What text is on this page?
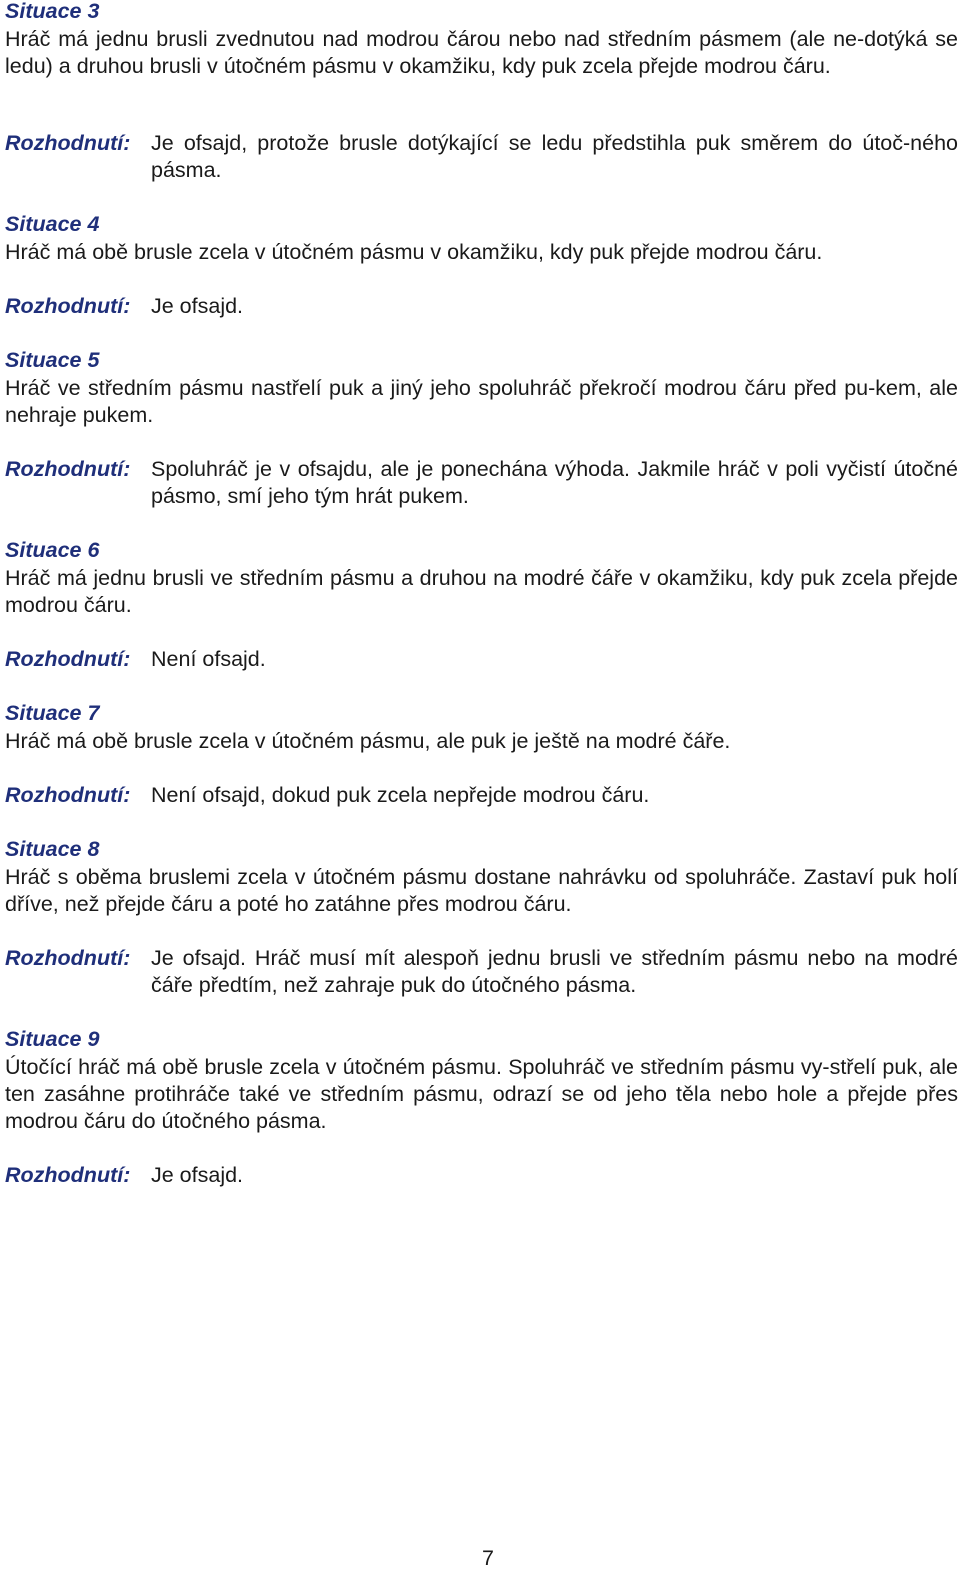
Situace 3
Hráč má jednu brusli zvednutou nad modrou čárou nebo nad středním pásmem (ale ne-dotýká se ledu) a druhou brusli v útočném pásmu v okamžiku, kdy puk zcela přejde modrou čáru.
Rozhodnutí: Je ofsajd, protože brusle dotýkající se ledu předstihla puk směrem do útoč-ného pásma.
Situace 4
Hráč má obě brusle zcela v útočném pásmu v okamžiku, kdy puk přejde modrou čáru.
Rozhodnutí: Je ofsajd.
Situace 5
Hráč ve středním pásmu nastřelí puk a jiný jeho spoluhráč překročí modrou čáru před pu-kem, ale nehraje pukem.
Rozhodnutí: Spoluhráč je v ofsajdu, ale je ponechána výhoda. Jakmile hráč v poli vyčistí útočné pásmo, smí jeho tým hrát pukem.
Situace 6
Hráč má jednu brusli ve středním pásmu a druhou na modré čáře v okamžiku, kdy puk zcela přejde modrou čáru.
Rozhodnutí: Není ofsajd.
Situace 7
Hráč má obě brusle zcela v útočném pásmu, ale puk je ještě na modré čáře.
Rozhodnutí: Není ofsajd, dokud puk zcela nepřejde modrou čáru.
Situace 8
Hráč s oběma bruslemi zcela v útočném pásmu dostane nahrávku od spoluhráče. Zastaví puk holí dříve, než přejde čáru a poté ho zatáhne přes modrou čáru.
Rozhodnutí: Je ofsajd. Hráč musí mít alespoň jednu brusli ve středním pásmu nebo na modré čáře předtím, než zahraje puk do útočného pásma.
Situace 9
Útočící hráč má obě brusle zcela v útočném pásmu. Spoluhráč ve středním pásmu vy-střelí puk, ale ten zasáhne protihráče také ve středním pásmu, odrazí se od jeho těla nebo hole a přejde přes modrou čáru do útočného pásma.
Rozhodnutí: Je ofsajd.
7
